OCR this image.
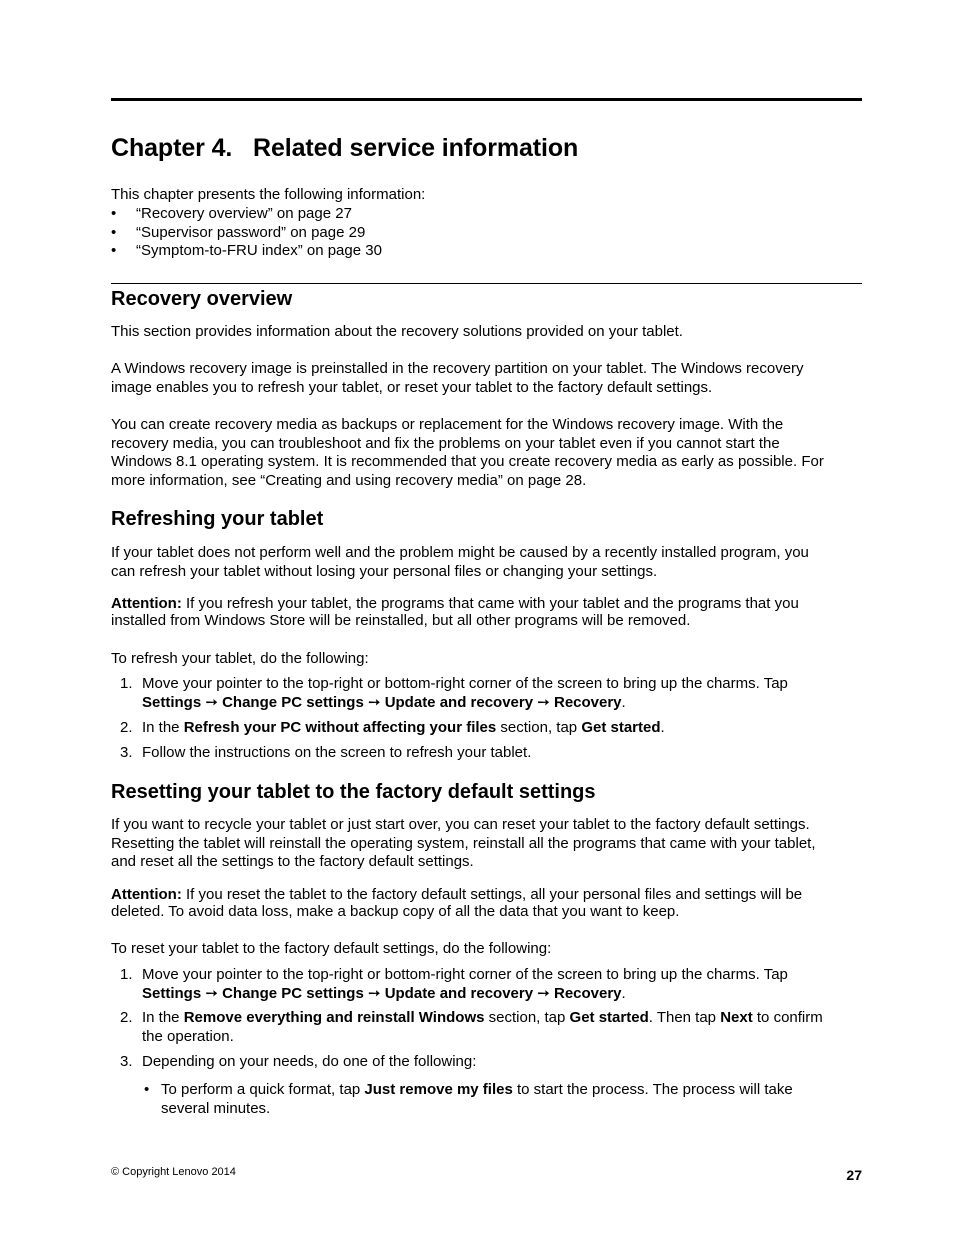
Chapter 4. Related service information

This chapter presents the following information:

• “Recovery overview” on page 27
• “Supervisor password” on page 29
• “Symptom-to-FRU index” on page 30
Recovery overview

This section provides information about the recovery solutions provided on your tablet.

A Windows recovery image is preinstalled in the recovery partition on your tablet. The Windows recovery

image enables you to refresh your tablet, or reset your tablet to the factory default settings.

You can create recovery media as backups or replacement for the Windows recovery image. With the

recovery media, you can troubleshoot and fix the problems on your tablet even if you cannot start the

Windows 8.1 operating system. It is recommended that you create recovery media as early as possible. For

more information, see “Creating and using recovery media” on page 28.

Refreshing your tablet

If your tablet does not perform well and the problem might be caused by a recently installed program, you

can refresh your tablet without losing your personal files or changing your settings.

Attention: If you refresh your tablet, the programs that came with your tablet and the programs that you

installed from Windows Store will be reinstalled, but all other programs will be removed.

To refresh your tablet, do the following:

1. Move your pointer to the top-right or bottom-right corner of the screen to bring up the charms. Tap
Settings ➙ Change PC settings ➙ Update and recovery ➙ Recovery.
2. In the Refresh your PC without affecting your files section, tap Get started.
3. Follow the instructions on the screen to refresh your tablet.
Resetting your tablet to the factory default settings

If you want to recycle your tablet or just start over, you can reset your tablet to the factory default settings.

Resetting the tablet will reinstall the operating system, reinstall all the programs that came with your tablet,

and reset all the settings to the factory default settings.

Attention: If you reset the tablet to the factory default settings, all your personal files and settings will be

deleted. To avoid data loss, make a backup copy of all the data that you want to keep.

To reset your tablet to the factory default settings, do the following:

1. Move your pointer to the top-right or bottom-right corner of the screen to bring up the charms. Tap
Settings ➙ Change PC settings ➙ Update and recovery ➙ Recovery.
2. In the Remove everything and reinstall Windows section, tap Get started. Then tap Next to confirm
the operation.
3. Depending on your needs, do one of the following:
• To perform a quick format, tap Just remove my files to start the process. The process will take
several minutes.
© Copyright Lenovo 2014	27
